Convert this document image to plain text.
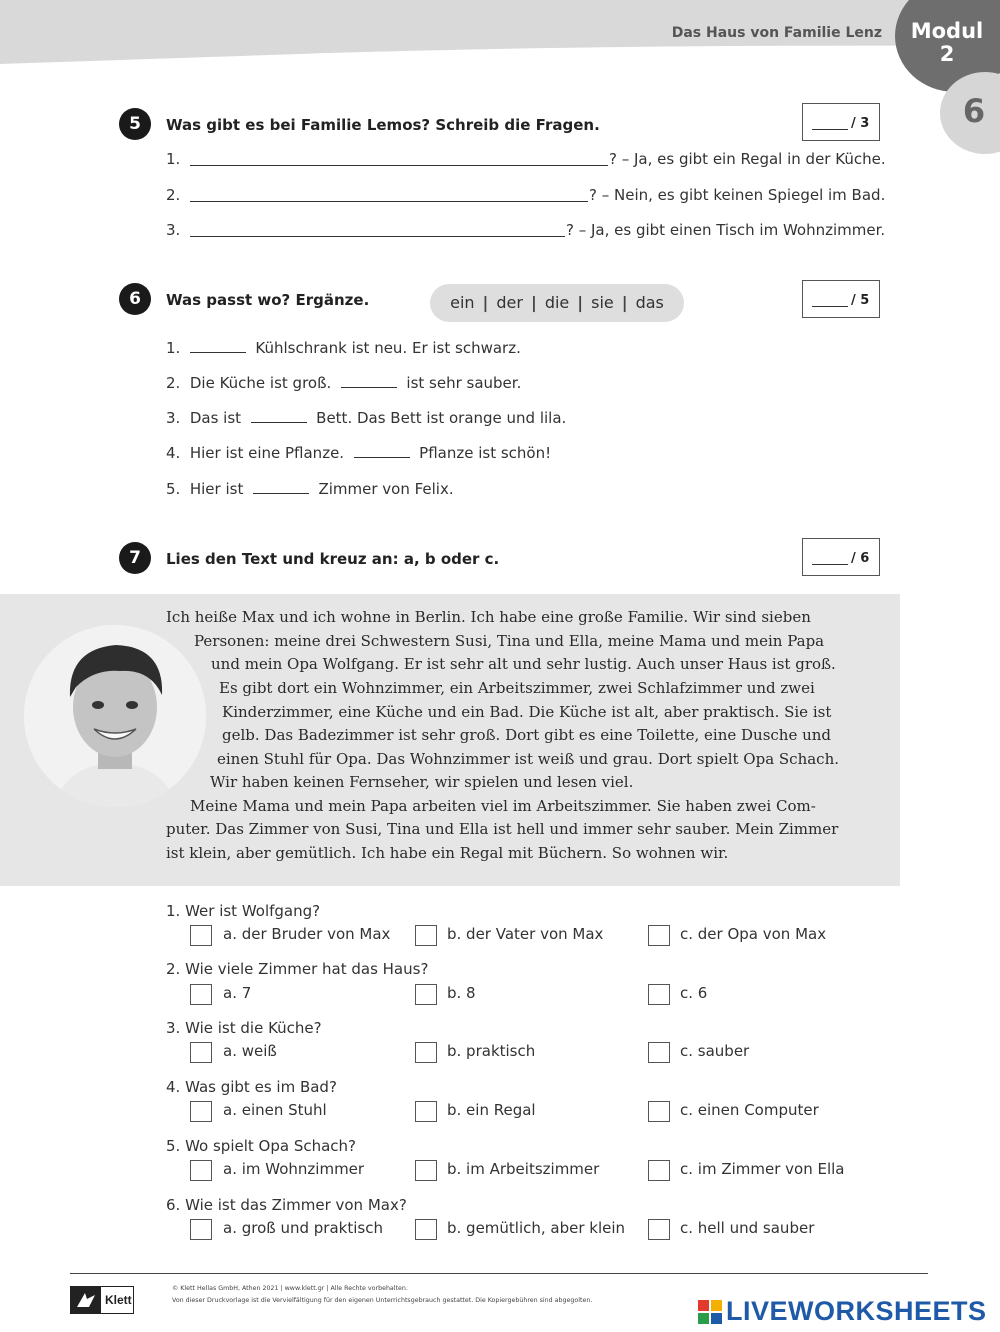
Das Haus von Familie Lenz Modul
2
6
5	Was gibt es bei Familie Lemos? Schreib die Fragen.	/ 3
1.	? – Ja, es gibt ein Regal in der Küche.
2.	? – Nein, es gibt keinen Spiegel im Bad.
3.	? – Ja, es gibt einen Tisch im Wohnzimmer.
6	Was passt wo? Ergänze.	ein | der | die | sie | das	/ 5
1.	Kühlschrank ist neu. Er ist schwarz.
2. Die Küche ist groß.	ist sehr sauber.
3. Das ist	Bett. Das Bett ist orange und lila.
4. Hier ist eine Pflanze.	Pflanze ist schön!
5. Hier ist	Zimmer von Felix.
7	Lies den Text und kreuz an: a, b oder c.	/ 6
Ich heiße Max und ich wohne in Berlin. Ich habe eine große Familie. Wir sind sieben
Personen: meine drei Schwestern Susi, Tina und Ella, meine Mama und mein Papa
und mein Opa Wolfgang. Er ist sehr alt und sehr lustig. Auch unser Haus ist groß.
Es gibt dort ein Wohnzimmer, ein Arbeitszimmer, zwei Schlafzimmer und zwei
Kinderzimmer, eine Küche und ein Bad. Die Küche ist alt, aber praktisch. Sie ist
gelb. Das Badezimmer ist sehr groß. Dort gibt es eine Toilette, eine Dusche und
einen Stuhl für Opa. Das Wohnzimmer ist weiß und grau. Dort spielt Opa Schach.
Wir haben keinen Fernseher, wir spielen und lesen viel.
Meine Mama und mein Papa arbeiten viel im Arbeitszimmer. Sie haben zwei Com-
puter. Das Zimmer von Susi, Tina und Ella ist hell und immer sehr sauber. Mein Zimmer
ist klein, aber gemütlich. Ich habe ein Regal mit Büchern. So wohnen wir.
1. Wer ist Wolfgang?
a. der Bruder von Max	b. der Vater von Max	c. der Opa von Max
2. Wie viele Zimmer hat das Haus?
a. 7	b. 8	c. 6
3. Wie ist die Küche?
a. weiß	b. praktisch	c. sauber
4. Was gibt es im Bad?
a. einen Stuhl	b. ein Regal	c. einen Computer
5. Wo spielt Opa Schach?
a. im Wohnzimmer	b. im Arbeitszimmer	c. im Zimmer von Ella
6. Wie ist das Zimmer von Max?
a. groß und praktisch	b. gemütlich, aber klein	c. hell und sauber
Klett
© Klett Hellas GmbH, Athen 2021 | www.klett.gr | Alle Rechte vorbehalten.
Von dieser Druckvorlage ist die Vervielfältigung für den eigenen Unterrichtsgebrauch gestattet. Die Kopiergebühren sind abgegolten.	LIVEWORKSHEETS
